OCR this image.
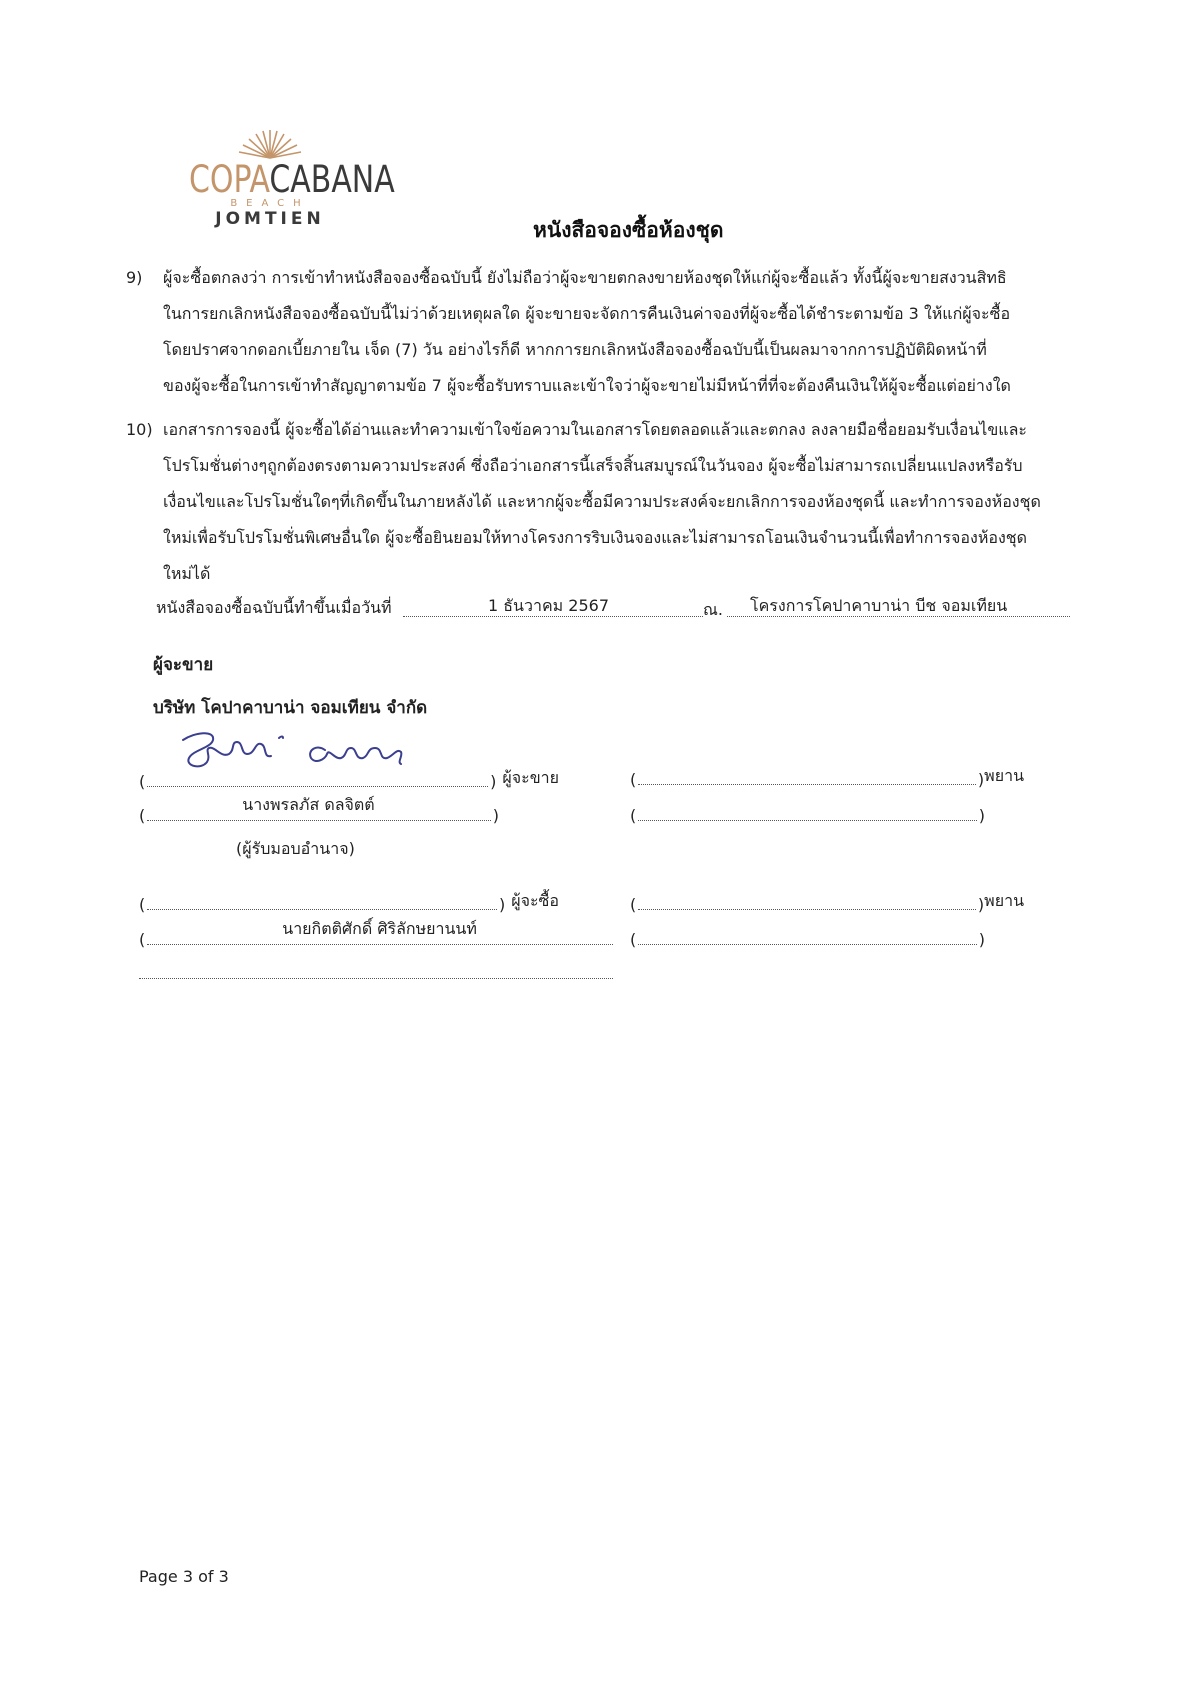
COPACABANA
BEACH
JOMTIEN	หนังสือจองซื้อห้องชุด
9) ผู้จะซื้อตกลงว่า การเข้าทำหนังสือจองซื้อฉบับนี้ ยังไม่ถือว่าผู้จะขายตกลงขายห้องชุดให้แก่ผู้จะซื้อแล้ว ทั้งนี้ผู้จะขายสงวนสิทธิ
ในการยกเลิกหนังสือจองซื้อฉบับนี้ไม่ว่าด้วยเหตุผลใด ผู้จะขายจะจัดการคืนเงินค่าจองที่ผู้จะซื้อได้ชำระตามข้อ 3 ให้แก่ผู้จะซื้อ
โดยปราศจากดอกเบี้ยภายใน เจ็ด (7) วัน อย่างไรก็ดี หากการยกเลิกหนังสือจองซื้อฉบับนี้เป็นผลมาจากการปฏิบัติผิดหน้าที่
ของผู้จะซื้อในการเข้าทำสัญญาตามข้อ 7 ผู้จะซื้อรับทราบและเข้าใจว่าผู้จะขายไม่มีหน้าที่ที่จะต้องคืนเงินให้ผู้จะซื้อแต่อย่างใด
10) เอกสารการจองนี้ ผู้จะซื้อได้อ่านและทำความเข้าใจข้อความในเอกสารโดยตลอดแล้วและตกลง ลงลายมือชื่อยอมรับเงื่อนไขและ
โปรโมชั่นต่างๆถูกต้องตรงตามความประสงค์ ซึ่งถือว่าเอกสารนี้เสร็จสิ้นสมบูรณ์ในวันจอง ผู้จะซื้อไม่สามารถเปลี่ยนแปลงหรือรับ
เงื่อนไขและโปรโมชั่นใดๆที่เกิดขึ้นในภายหลังได้ และหากผู้จะซื้อมีความประสงค์จะยกเลิกการจองห้องชุดนี้ และทำการจองห้องชุด
ใหม่เพื่อรับโปรโมชั่นพิเศษอื่นใด ผู้จะซื้อยินยอมให้ทางโครงการริบเงินจองและไม่สามารถโอนเงินจำนวนนี้เพื่อทำการจองห้องชุด
ใหม่ได้
หนังสือจองซื้อฉบับนี้ทำขึ้นเมื่อวันที่	1 ธันวาคม 2567	ณ. โครงการโคปาคาบาน่า บีช จอมเทียน
ผู้จะขาย
บริษัท โคปาคาบาน่า จอมเทียน จำกัด
(	) ผู้จะขาย
(
นางพรลภัส ดลจิตต์
)
(ผู้รับมอบอำนาจ)
(	) พยาน
(	)
(	) ผู้จะซื้อ
(
นายกิตติศักดิ์ ศิริลักษยานนท์
(	) พยาน
(	)
Page 3 of 3
